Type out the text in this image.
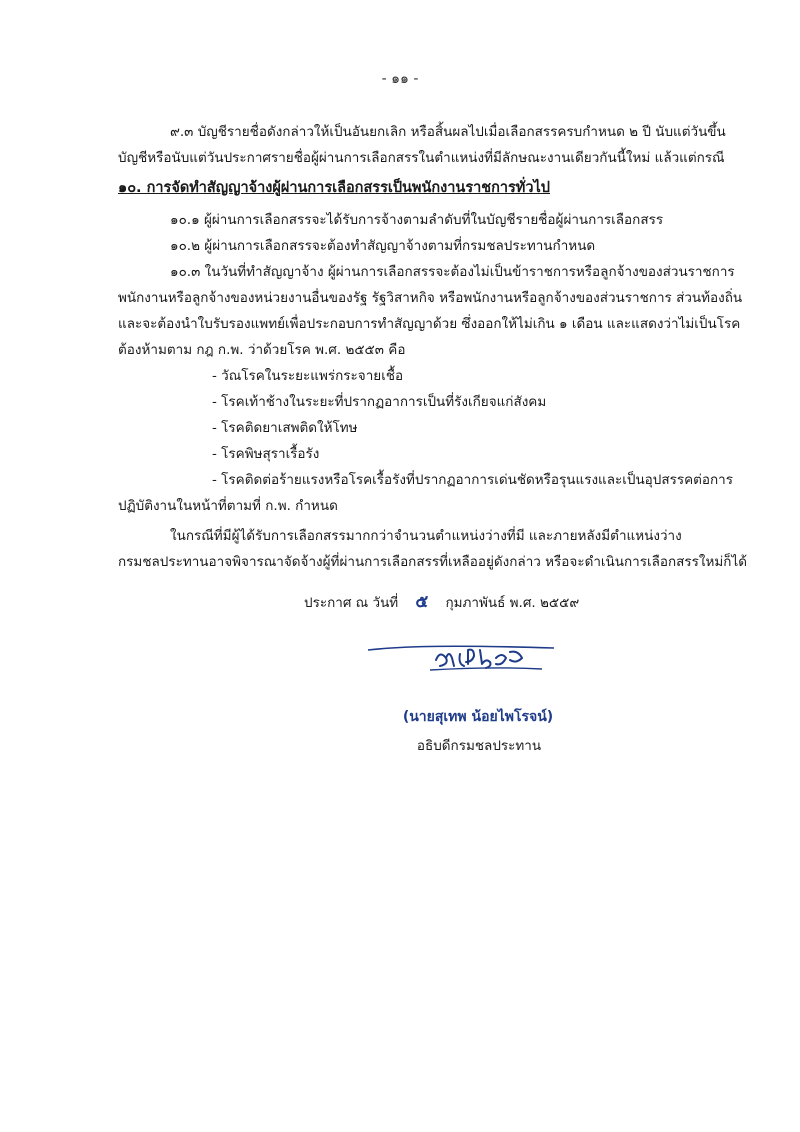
- ๑๑ -
๙.๓ บัญชีรายชื่อดังกล่าวให้เป็นอันยกเลิก หรือสิ้นผลไปเมื่อเลือกสรรครบกำหนด ๒ ปี นับแต่วันขึ้น
บัญชีหรือนับแต่วันประกาศรายชื่อผู้ผ่านการเลือกสรรในตำแหน่งที่มีลักษณะงานเดียวกันนี้ใหม่ แล้วแต่กรณี
๑๐. การจัดทำสัญญาจ้างผู้ผ่านการเลือกสรรเป็นพนักงานราชการทั่วไป
๑๐.๑ ผู้ผ่านการเลือกสรรจะได้รับการจ้างตามลำดับที่ในบัญชีรายชื่อผู้ผ่านการเลือกสรร
๑๐.๒ ผู้ผ่านการเลือกสรรจะต้องทำสัญญาจ้างตามที่กรมชลประทานกำหนด
๑๐.๓ ในวันที่ทำสัญญาจ้าง ผู้ผ่านการเลือกสรรจะต้องไม่เป็นข้าราชการหรือลูกจ้างของส่วนราชการ
พนักงานหรือลูกจ้างของหน่วยงานอื่นของรัฐ รัฐวิสาหกิจ หรือพนักงานหรือลูกจ้างของส่วนราชการ ส่วนท้องถิ่น
และจะต้องนำใบรับรองแพทย์เพื่อประกอบการทำสัญญาด้วย ซึ่งออกให้ไม่เกิน ๑ เดือน และแสดงว่าไม่เป็นโรค
ต้องห้ามตาม กฎ ก.พ. ว่าด้วยโรค พ.ศ. ๒๕๕๓ คือ
- วัณโรคในระยะแพร่กระจายเชื้อ
- โรคเท้าช้างในระยะที่ปรากฏอาการเป็นที่รังเกียจแก่สังคม
- โรคติดยาเสพติดให้โทษ
- โรคพิษสุราเรื้อรัง
- โรคติดต่อร้ายแรงหรือโรคเรื้อรังที่ปรากฏอาการเด่นชัดหรือรุนแรงและเป็นอุปสรรคต่อการ
ปฏิบัติงานในหน้าที่ตามที่ ก.พ. กำหนด
ในกรณีที่มีผู้ได้รับการเลือกสรรมากกว่าจำนวนตำแหน่งว่างที่มี และภายหลังมีตำแหน่งว่าง
กรมชลประทานอาจพิจารณาจัดจ้างผู้ที่ผ่านการเลือกสรรที่เหลืออยู่ดังกล่าว หรือจะดำเนินการเลือกสรรใหม่ก็ได้
ประกาศ ณ วันที่ ๕ กุมภาพันธ์ พ.ศ. ๒๕๕๙
(นายสุเทพ น้อยไพโรจน์)
อธิบดีกรมชลประทาน
